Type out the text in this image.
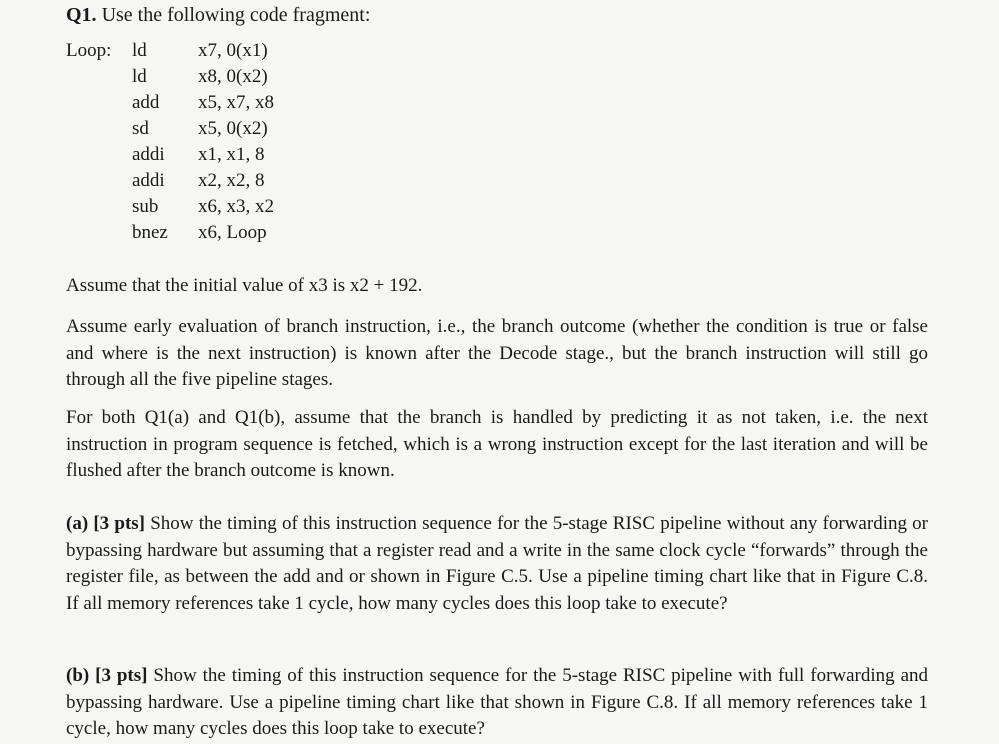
Q1. Use the following code fragment:
Loop: ld	x7, 0(x1)
ld	x8, 0(x2)
add x5, x7, x8
sd	x5, 0(x2)
addi x1, x1, 8
addi x2, x2, 8
sub x6, x3, x2
bnez x6, Loop
Assume that the initial value of x3 is x2 + 192.
Assume early evaluation of branch instruction, i.e., the branch outcome (whether the condition is true or false and where is the next instruction) is known after the Decode stage., but the branch instruction will still go through all the five pipeline stages.
For both Q1(a) and Q1(b), assume that the branch is handled by predicting it as not taken, i.e. the next instruction in program sequence is fetched, which is a wrong instruction except for the last iteration and will be flushed after the branch outcome is known.
(a) [3 pts] Show the timing of this instruction sequence for the 5-stage RISC pipeline without any forwarding or bypassing hardware but assuming that a register read and a write in the same clock cycle “forwards” through the register file, as between the add and or shown in Figure C.5. Use a pipeline timing chart like that in Figure C.8. If all memory references take 1 cycle, how many cycles does this loop take to execute?
(b) [3 pts] Show the timing of this instruction sequence for the 5-stage RISC pipeline with full forwarding and bypassing hardware. Use a pipeline timing chart like that shown in Figure C.8. If all memory references take 1 cycle, how many cycles does this loop take to execute?
